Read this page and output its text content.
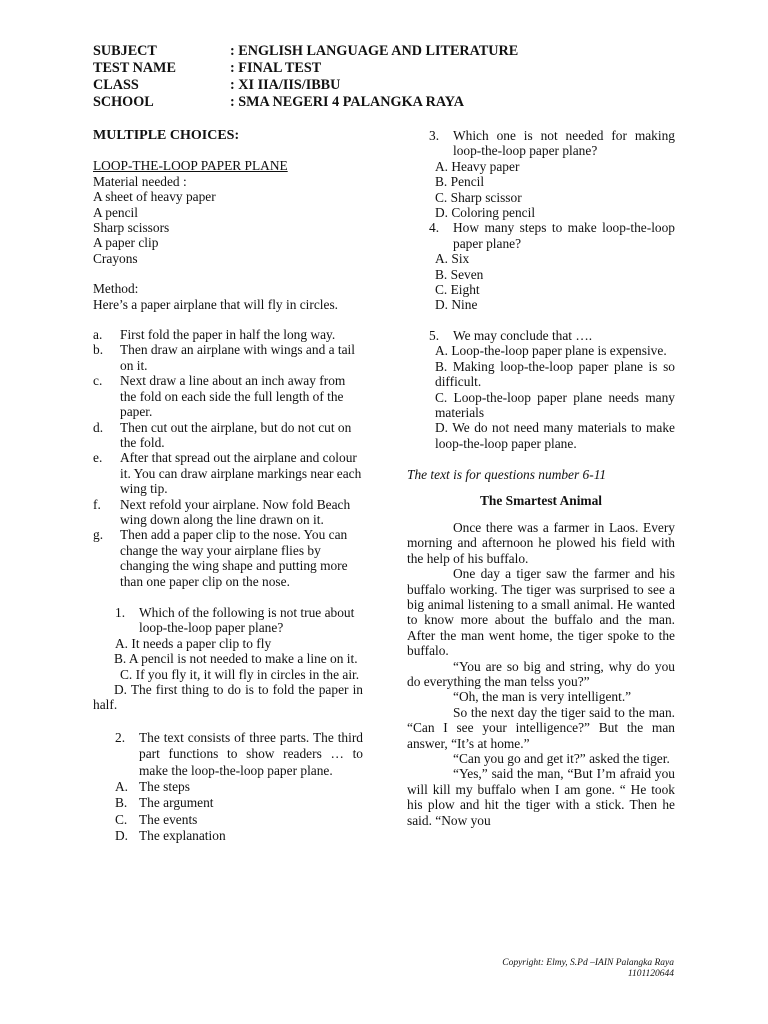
SUBJECT	: ENGLISH LANGUAGE AND LITERATURE
TEST NAME	: FINAL TEST
CLASS	: XI IIA/IIS/IBBU
SCHOOL	: SMA NEGERI 4 PALANGKA RAYA
MULTIPLE CHOICES:
LOOP-THE-LOOP PAPER PLANE
Material needed :
A sheet of heavy paper
A pencil
Sharp scissors
A paper clip
Crayons
Method:
Here’s a paper airplane that will fly in circles.
a.	First fold the paper in half the long way.
b.	Then draw an airplane with wings and a tail on it.
c.	Next draw a line about an inch away from the fold on each side the full length of the paper.
d.	Then cut out the airplane, but do not cut on the fold.
e.	After that spread out the airplane and colour it. You can draw airplane markings near each wing tip.
f.	Next refold your airplane. Now fold Beach wing down along the line drawn on it.
g.	Then add a paper clip to the nose. You can change the way your airplane flies by changing the wing shape and putting more than one paper clip on the nose.
1.	Which of the following is not true about loop-the-loop paper plane?
A. It needs a paper clip to fly
B. A pencil is not needed to make a line on it.
C. If you fly it, it will fly in circles in the air.
D. The first thing to do is to fold the paper in half.
2.	The text consists of three parts. The third part functions to show readers … to make the loop-the-loop paper plane.
A. The steps
B. The argument
C. The events
D. The explanation
3.	Which one is not needed for making loop-the-loop paper plane?
A. Heavy paper
B. Pencil
C. Sharp scissor
D. Coloring pencil
4.	How many steps to make loop-the-loop paper plane?
A. Six
B. Seven
C. Eight
D. Nine
5.	We may conclude that ….
A. Loop-the-loop paper plane is expensive.
B. Making loop-the-loop paper plane is so difficult.
C. Loop-the-loop paper plane needs many materials
D. We do not need many materials to make loop-the-loop paper plane.
The text is for questions number 6-11
The Smartest Animal
Once there was a farmer in Laos. Every morning and afternoon he plowed his field with the help of his buffalo.
One day a tiger saw the farmer and his buffalo working. The tiger was surprised to see a big animal listening to a small animal. He wanted to know more about the buffalo and the man. After the man went home, the tiger spoke to the buffalo.
“You are so big and string, why do you do everything the man telss you?”
“Oh, the man is very intelligent.”
So the next day the tiger said to the man. “Can I see your intelligence?” But the man answer, “It’s at home.”
“Can you go and get it?” asked the tiger.
“Yes,” said the man, “But I’m afraid you will kill my buffalo when I am gone. “ He took his plow and hit the tiger with a stick. Then he said. “Now you
Copyright: Elmy, S.Pd –IAIN Palangka Raya
1101120644
